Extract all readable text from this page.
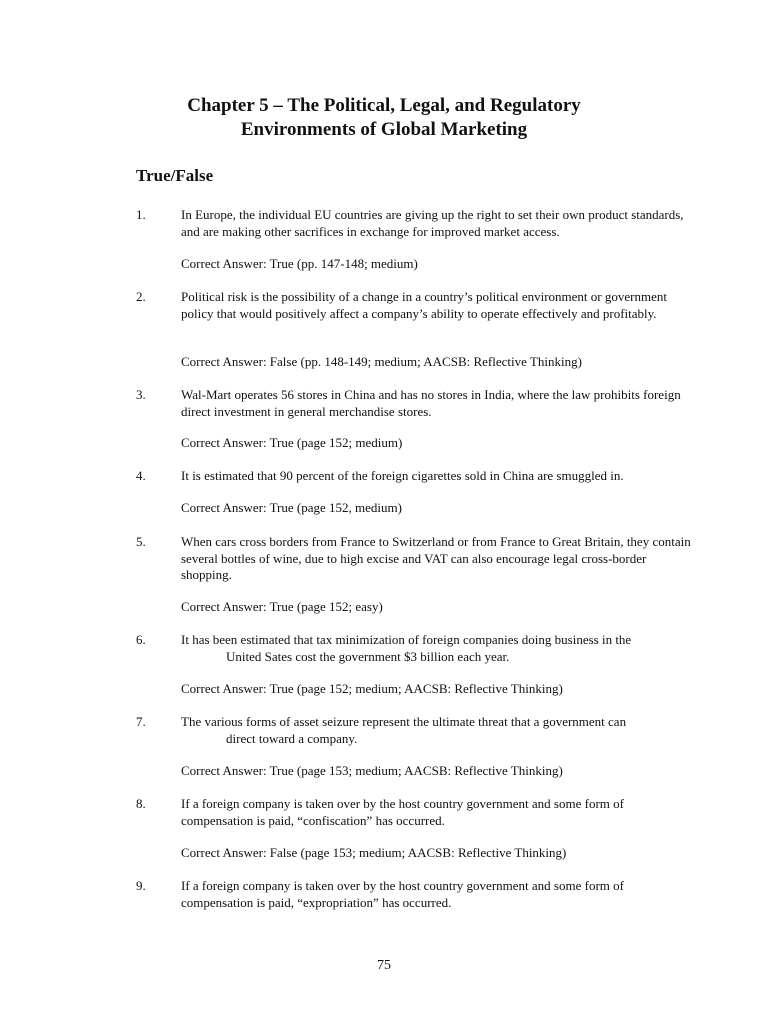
Chapter 5 – The Political, Legal, and Regulatory
Environments of Global Marketing
True/False
1.	In Europe, the individual EU countries are giving up the right to set their own product standards, and are making other sacrifices in exchange for improved market access.
Correct Answer: True (pp. 147-148; medium)
2.	Political risk is the possibility of a change in a country’s political environment or government policy that would positively affect a company’s ability to operate effectively and profitably.
Correct Answer: False (pp. 148-149; medium; AACSB: Reflective Thinking)
3.	Wal-Mart operates 56 stores in China and has no stores in India, where the law prohibits foreign direct investment in general merchandise stores.
Correct Answer: True (page 152; medium)
4.	It is estimated that 90 percent of the foreign cigarettes sold in China are smuggled in.
Correct Answer: True (page 152, medium)
5.	When cars cross borders from France to Switzerland or from France to Great Britain, they contain several bottles of wine, due to high excise and VAT can also encourage legal cross-border shopping.
Correct Answer: True (page 152; easy)
6.	It has been estimated that tax minimization of foreign companies doing business in the
United Sates cost the government $3 billion each year.
Correct Answer: True (page 152; medium; AACSB: Reflective Thinking)
7.	The various forms of asset seizure represent the ultimate threat that a government can
direct toward a company.
Correct Answer: True (page 153; medium; AACSB: Reflective Thinking)
8.	If a foreign company is taken over by the host country government and some form of compensation is paid, “confiscation” has occurred.
Correct Answer: False (page 153; medium; AACSB: Reflective Thinking)
9.	If a foreign company is taken over by the host country government and some form of compensation is paid, “expropriation” has occurred.
75
